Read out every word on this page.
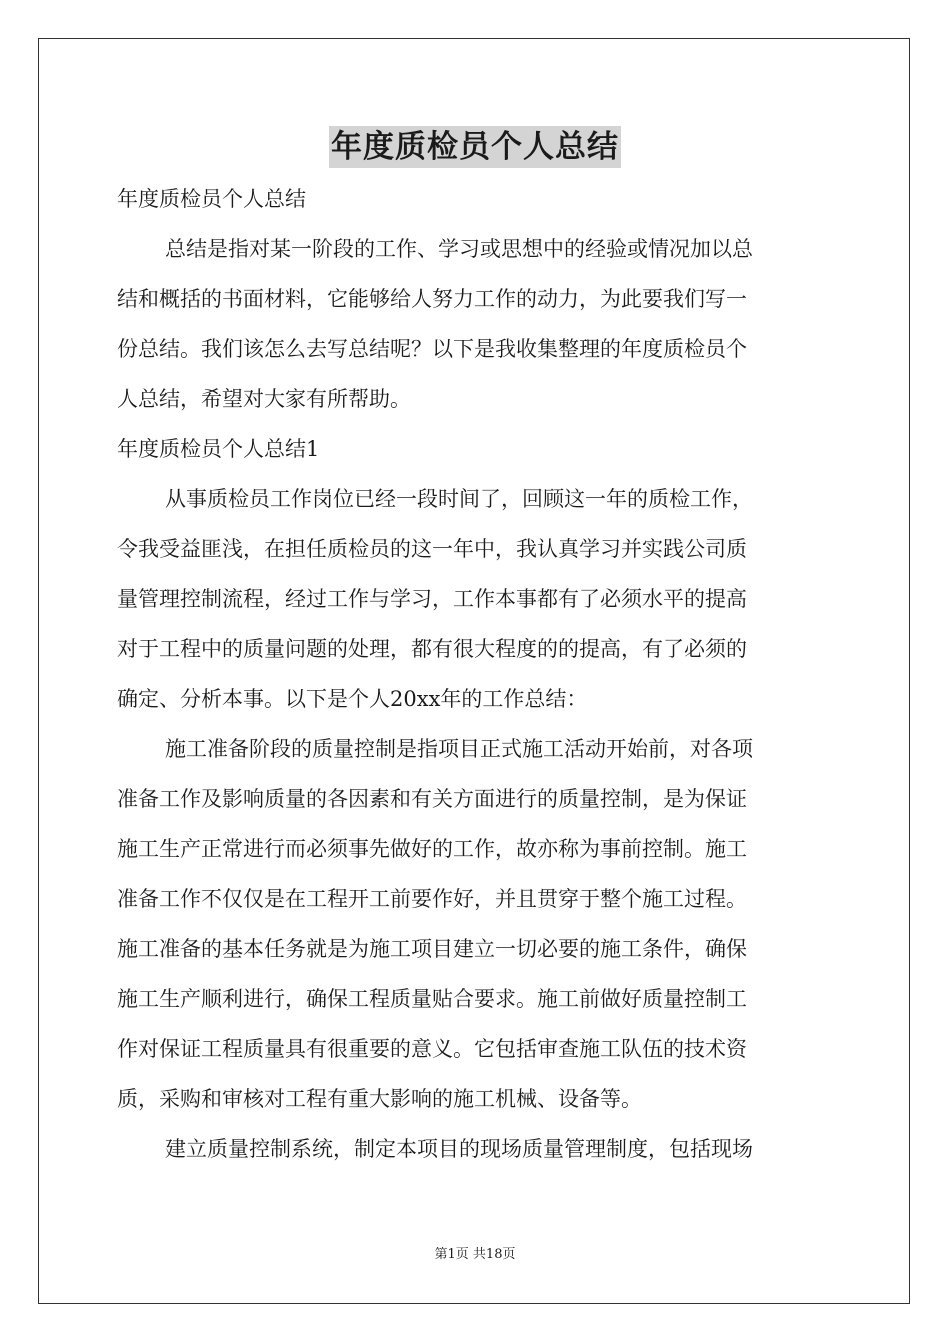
年度质检员个人总结
年度质检员个人总结
总结是指对某一阶段的工作、学习或思想中的经验或情况加以总
结和概括的书面材料，它能够给人努力工作的动力，为此要我们写一
份总结。我们该怎么去写总结呢？以下是我收集整理的年度质检员个
人总结，希望对大家有所帮助。
年度质检员个人总结1
从事质检员工作岗位已经一段时间了，回顾这一年的质检工作，
令我受益匪浅，在担任质检员的这一年中，我认真学习并实践公司质
量管理控制流程，经过工作与学习，工作本事都有了必须水平的提高
对于工程中的质量问题的处理，都有很大程度的的提高，有了必须的
确定、分析本事。以下是个人20xx年的工作总结：
施工准备阶段的质量控制是指项目正式施工活动开始前，对各项
准备工作及影响质量的各因素和有关方面进行的质量控制，是为保证
施工生产正常进行而必须事先做好的工作，故亦称为事前控制。施工
准备工作不仅仅是在工程开工前要作好，并且贯穿于整个施工过程。
施工准备的基本任务就是为施工项目建立一切必要的施工条件，确保
施工生产顺利进行，确保工程质量贴合要求。施工前做好质量控制工
作对保证工程质量具有很重要的意义。它包括审查施工队伍的技术资
质，采购和审核对工程有重大影响的施工机械、设备等。
建立质量控制系统，制定本项目的现场质量管理制度，包括现场
第1页 共18页
